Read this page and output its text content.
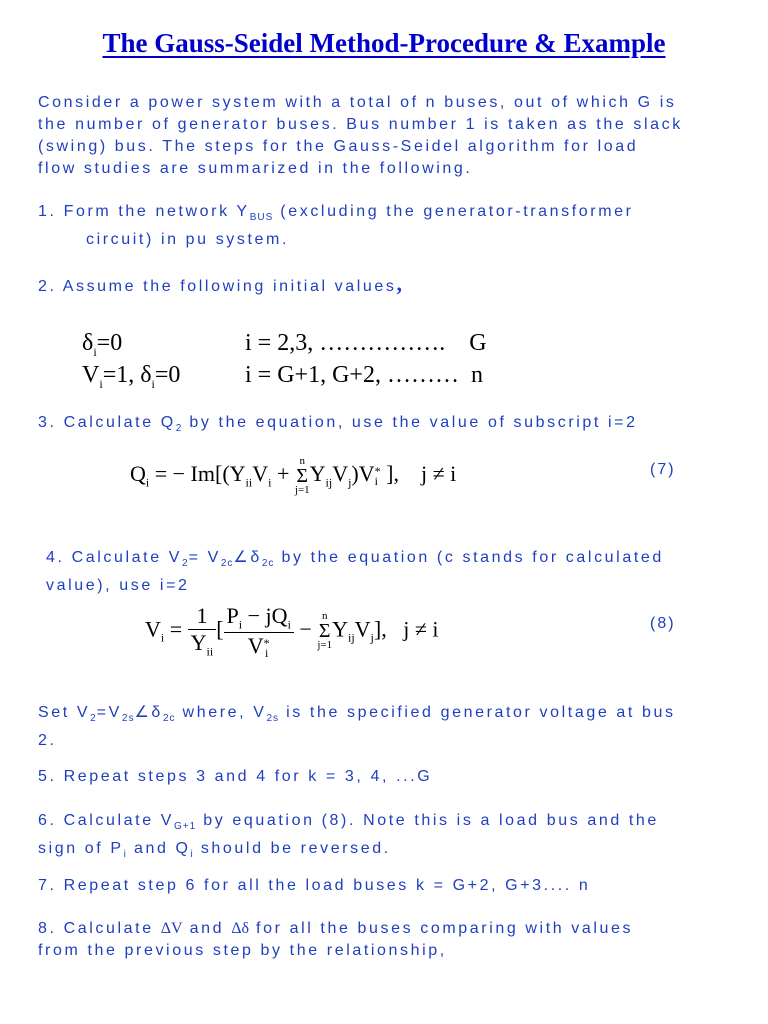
The Gauss-Seidel Method-Procedure & Example
Consider a power system with a total of n buses, out of which G is
the number of generator buses. Bus number 1 is taken as the slack
(swing) bus. The steps for the Gauss-Seidel algorithm for load
flow studies are summarized in the following.
1. Form the network $Y_{BUS}$ (excluding the generator-transformer
circuit) in pu system.
2. Assume the following initial values,
$\delta_i=0$	i = 2,3, …………….    G
$V_i=1$, $\delta_i=0$	i = G+1, G+2, ………  n
3. Calculate $Q_2$ by the equation, use the value of subscript i=2
$Q_i$ = − $Im[(Y_{ii}V_i$ +
n
Σ
j=1
$Y_{ij}V_j)V$ *
i ],    j ≠ i	(7)
4. Calculate $V_2=$ $V_{2c}\angle\delta_{2c}$ by the equation (c stands for calculated
value), use i=2
$V_i = \frac{1}{Y_{ii}}$ [ $P_i - jQ_i$
V *
i −
n
Σ
j=1
$Y_{ij}V_j$],   j ≠ i	(8)
Set $V_2=V_{2s}\angle\delta_{2c}$ where, $V_{2s}$ is the specified generator voltage at bus
2.
5. Repeat steps 3 and 4 for k = 3, 4, ...G
6. Calculate $V_{G+1}$ by equation (8). Note this is a load bus and the
sign of $P_i$ and $Q_i$ should be reversed.
7. Repeat step 6 for all the load buses k = G+2, G+3.... n
8. Calculate ΔV and Δδ for all the buses comparing with values
from the previous step by the relationship,
